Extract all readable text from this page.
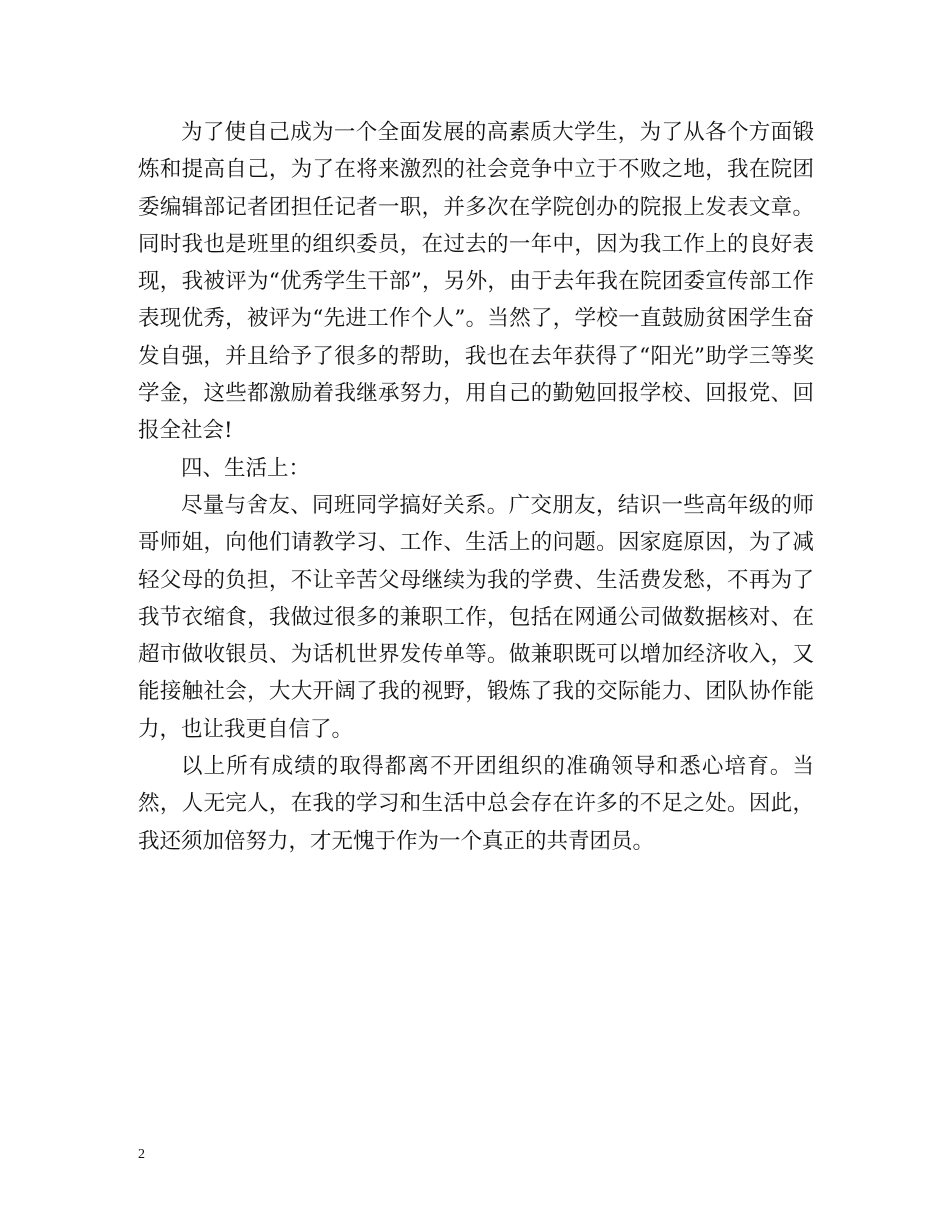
为了使自己成为一个全面发展的高素质大学生，为了从各个方面锻炼和提高自己，为了在将来激烈的社会竞争中立于不败之地，我在院团委编辑部记者团担任记者一职，并多次在学院创办的院报上发表文章。同时我也是班里的组织委员，在过去的一年中，因为我工作上的良好表现，我被评为“优秀学生干部”，另外，由于去年我在院团委宣传部工作表现优秀，被评为“先进工作个人”。当然了，学校一直鼓励贫困学生奋发自强，并且给予了很多的帮助，我也在去年获得了“阳光”助学三等奖学金，这些都激励着我继承努力，用自己的勤勉回报学校、回报党、回报全社会!

四、生活上：

尽量与舍友、同班同学搞好关系。广交朋友，结识一些高年级的师哥师姐，向他们请教学习、工作、生活上的问题。因家庭原因，为了减轻父母的负担，不让辛苦父母继续为我的学费、生活费发愁，不再为了我节衣缩食，我做过很多的兼职工作，包括在网通公司做数据核对、在超市做收银员、为话机世界发传单等。做兼职既可以增加经济收入，又能接触社会，大大开阔了我的视野，锻炼了我的交际能力、团队协作能力，也让我更自信了。

以上所有成绩的取得都离不开团组织的准确领导和悉心培育。当然，人无完人，在我的学习和生活中总会存在许多的不足之处。因此，我还须加倍努力，才无愧于作为一个真正的共青团员。

2
